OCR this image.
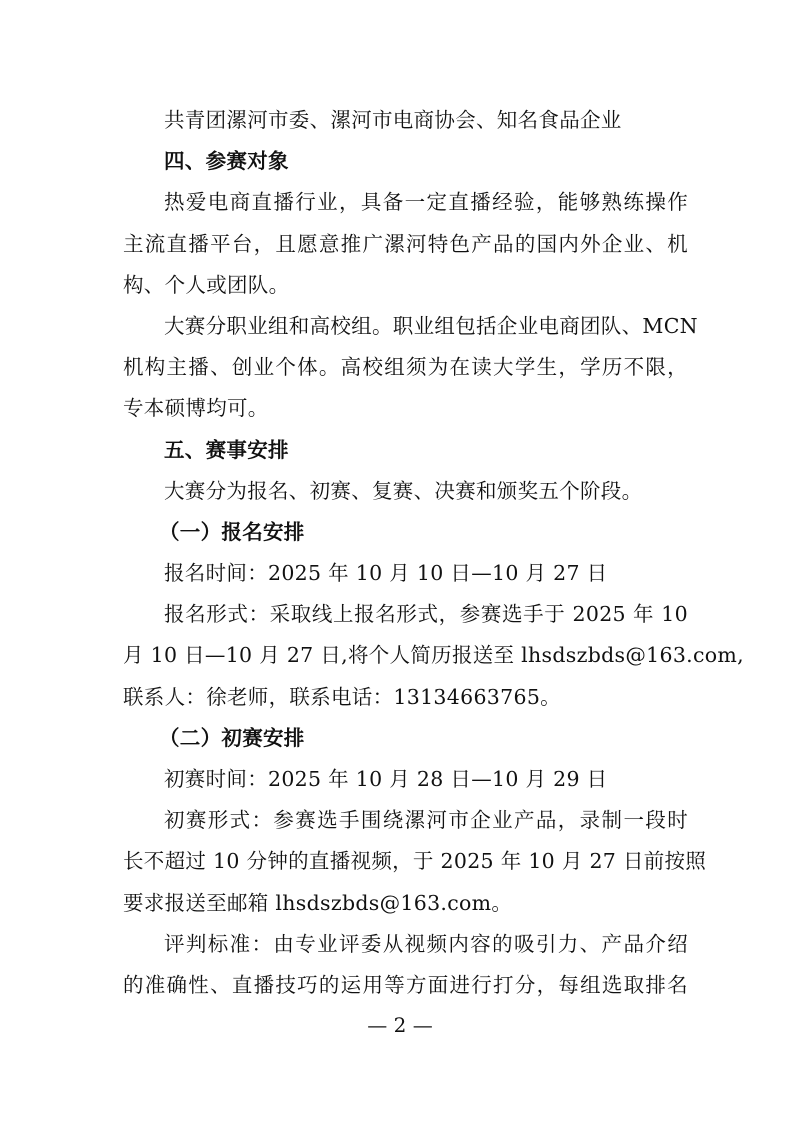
共青团漯河市委、漯河市电商协会、知名食品企业
四、参赛对象
热爱电商直播行业，具备一定直播经验，能够熟练操作
主流直播平台，且愿意推广漯河特色产品的国内外企业、机
构、个人或团队。
大赛分职业组和高校组。职业组包括企业电商团队、MCN
机构主播、创业个体。高校组须为在读大学生，学历不限，
专本硕博均可。
五、赛事安排
大赛分为报名、初赛、复赛、决赛和颁奖五个阶段。
（一）报名安排
报名时间：2025 年 10 月 10 日—10 月 27 日
报名形式：采取线上报名形式，参赛选手于 2025 年 10
月 10 日—10 月 27 日,将个人简历报送至 lhsdszbds@163.com,
联系人：徐老师，联系电话：13134663765。
（二）初赛安排
初赛时间：2025 年 10 月 28 日—10 月 29 日
初赛形式：参赛选手围绕漯河市企业产品，录制一段时
长不超过 10 分钟的直播视频，于 2025 年 10 月 27 日前按照
要求报送至邮箱 lhsdszbds@163.com。
评判标准：由专业评委从视频内容的吸引力、产品介绍
的准确性、直播技巧的运用等方面进行打分，每组选取排名
— 2 —
